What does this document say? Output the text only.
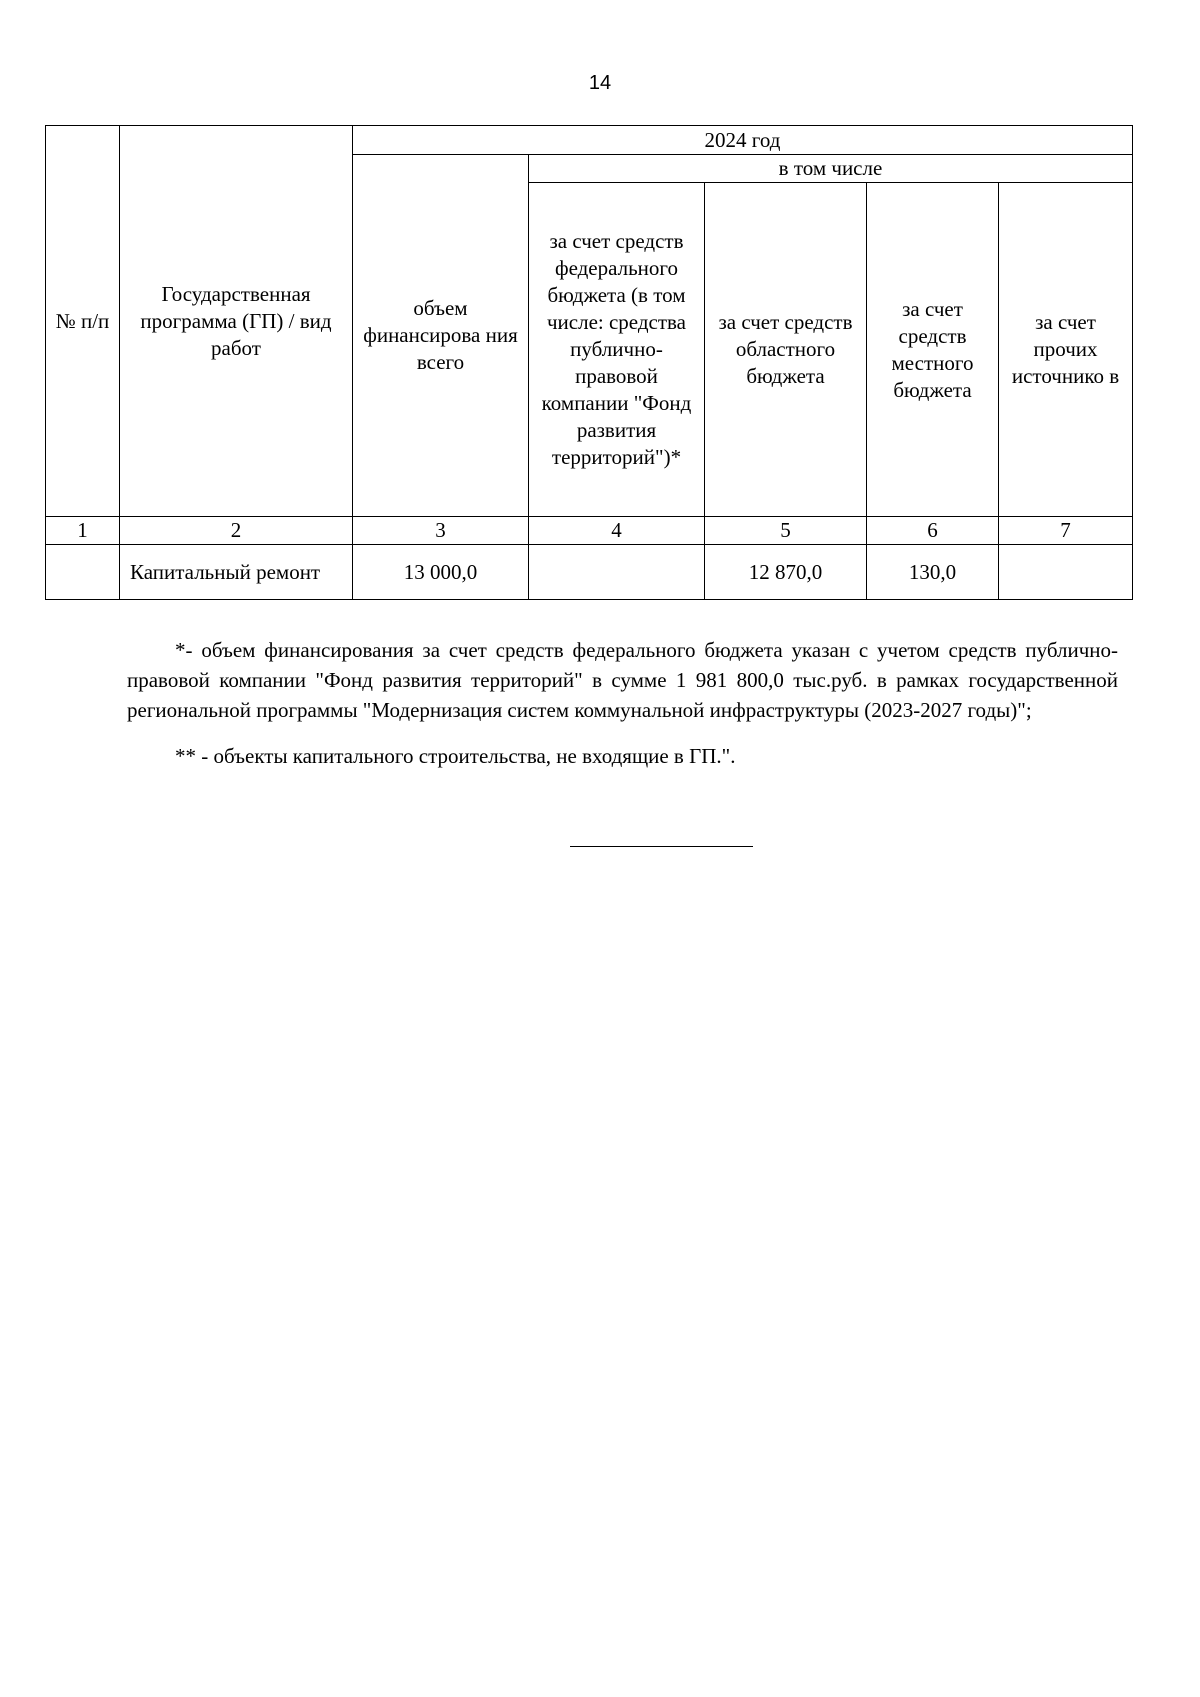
14
№ п/п	Государственная программа (ГП) / вид работ	2024 год				
		объем финансирова ния всего	в том числе			
			за счет средств федерального бюджета (в том числе: средства публично-правовой компании "Фонд развития территорий")*	за счет средств областного бюджета	за счет средств местного бюджета	за счет прочих источнико в
1	2	3	4	5	6	7
	Капитальный ремонт	13 000,0		12 870,0	130,0	

*- объем финансирования за счет средств федерального бюджета указан с учетом средств публично-правовой компании "Фонд развития территорий" в сумме 1 981 800,0 тыс.руб. в рамках государственной региональной программы "Модернизация систем коммунальной инфраструктуры (2023-2027 годы)";

** - объекты капитального строительства, не входящие в ГП.".
